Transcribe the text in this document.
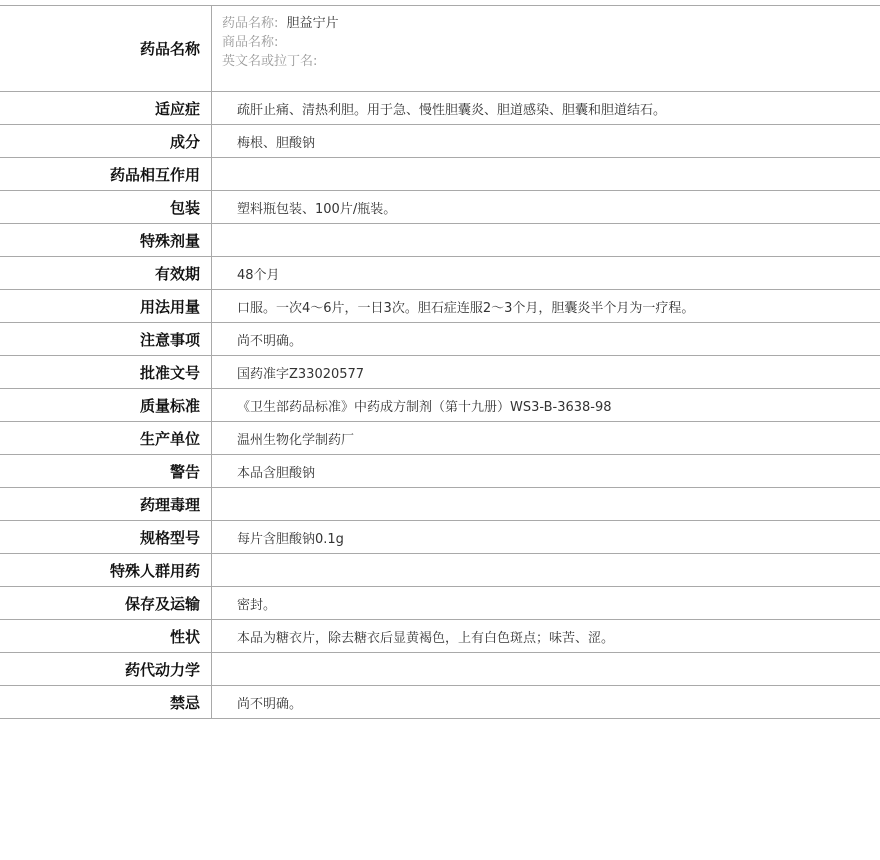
药品名称	药品名称: 胆益宁片
商品名称:
英文名或拉丁名:

适应症	疏肝止痛、清热利胆。用于急、慢性胆囊炎、胆道感染、胆囊和胆道结石。
成分	梅根、胆酸钠
药品相互作用	
包装	塑料瓶包装、100片/瓶装。
特殊剂量	
有效期	48个月
用法用量	口服。一次4～6片，一日3次。胆石症连服2～3个月，胆囊炎半个月为一疗程。
注意事项	尚不明确。
批准文号	国药准字Z33020577
质量标准	《卫生部药品标准》中药成方制剂（第十九册）WS3-B-3638-98
生产单位	温州生物化学制药厂
警告	本品含胆酸钠
药理毒理	
规格型号	每片含胆酸钠0.1g
特殊人群用药	
保存及运输	密封。
性状	本品为糖衣片，除去糖衣后显黄褐色，上有白色斑点；味苦、涩。
药代动力学	
禁忌	尚不明确。
